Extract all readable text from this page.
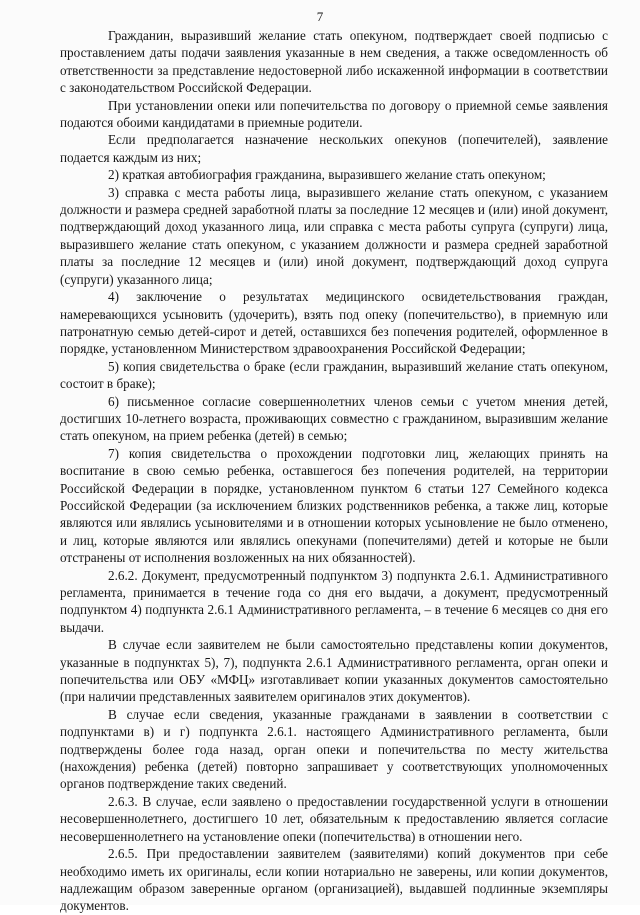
7

Гражданин, выразивший желание стать опекуном, подтверждает своей подписью с проставлением даты подачи заявления указанные в нем сведения, а также осведомленность об ответственности за представление недостоверной либо искаженной информации в соответствии с законодательством Российской Федерации.

При установлении опеки или попечительства по договору о приемной семье заявления подаются обоими кандидатами в приемные родители.

Если предполагается назначение нескольких опекунов (попечителей), заявление подается каждым из них;

2) краткая автобиография гражданина, выразившего желание стать опекуном;

3) справка с места работы лица, выразившего желание стать опекуном, с указанием должности и размера средней заработной платы за последние 12 месяцев и (или) иной документ, подтверждающий доход указанного лица, или справка с места работы супруга (супруги) лица, выразившего желание стать опекуном, с указанием должности и размера средней заработной платы за последние 12 месяцев и (или) иной документ, подтверждающий доход супруга (супруги) указанного лица;

4) заключение о результатах медицинского освидетельствования граждан, намеревающихся усыновить (удочерить), взять под опеку (попечительство), в приемную или патронатную семью детей-сирот и детей, оставшихся без попечения родителей, оформленное в порядке, установленном Министерством здравоохранения Российской Федерации;

5) копия свидетельства о браке (если гражданин, выразивший желание стать опекуном, состоит в браке);

6) письменное согласие совершеннолетних членов семьи с учетом мнения детей, достигших 10-летнего возраста, проживающих совместно с гражданином, выразившим желание стать опекуном, на прием ребенка (детей) в семью;

7) копия свидетельства о прохождении подготовки лиц, желающих принять на воспитание в свою семью ребенка, оставшегося без попечения родителей, на территории Российской Федерации в порядке, установленном пунктом 6 статьи 127 Семейного кодекса Российской Федерации (за исключением близких родственников ребенка, а также лиц, которые являются или являлись усыновителями и в отношении которых усыновление не было отменено, и лиц, которые являются или являлись опекунами (попечителями) детей и которые не были отстранены от исполнения возложенных на них обязанностей).

2.6.2. Документ, предусмотренный подпунктом 3) подпункта 2.6.1. Административного регламента, принимается в течение года со дня его выдачи, а документ, предусмотренный подпунктом 4) подпункта 2.6.1 Административного регламента, – в течение 6 месяцев со дня его выдачи.

В случае если заявителем не были самостоятельно представлены копии документов, указанные в подпунктах 5), 7), подпункта 2.6.1 Административного регламента, орган опеки и попечительства или ОБУ «МФЦ» изготавливает копии указанных документов самостоятельно (при наличии представленных заявителем оригиналов этих документов).

В случае если сведения, указанные гражданами в заявлении в соответствии с подпунктами в) и г) подпункта 2.6.1. настоящего Административного регламента, были подтверждены более года назад, орган опеки и попечительства по месту жительства (нахождения) ребенка (детей) повторно запрашивает у соответствующих уполномоченных органов подтверждение таких сведений.

2.6.3. В случае, если заявлено о предоставлении государственной услуги в отношении несовершеннолетнего, достигшего 10 лет, обязательным к предоставлению является согласие несовершеннолетнего на установление опеки (попечительства) в отношении него.

2.6.5. При предоставлении заявителем (заявителями) копий документов при себе необходимо иметь их оригиналы, если копии нотариально не заверены, или копии документов, надлежащим образом заверенные органом (организацией), выдавшей подлинные экземпляры документов.
